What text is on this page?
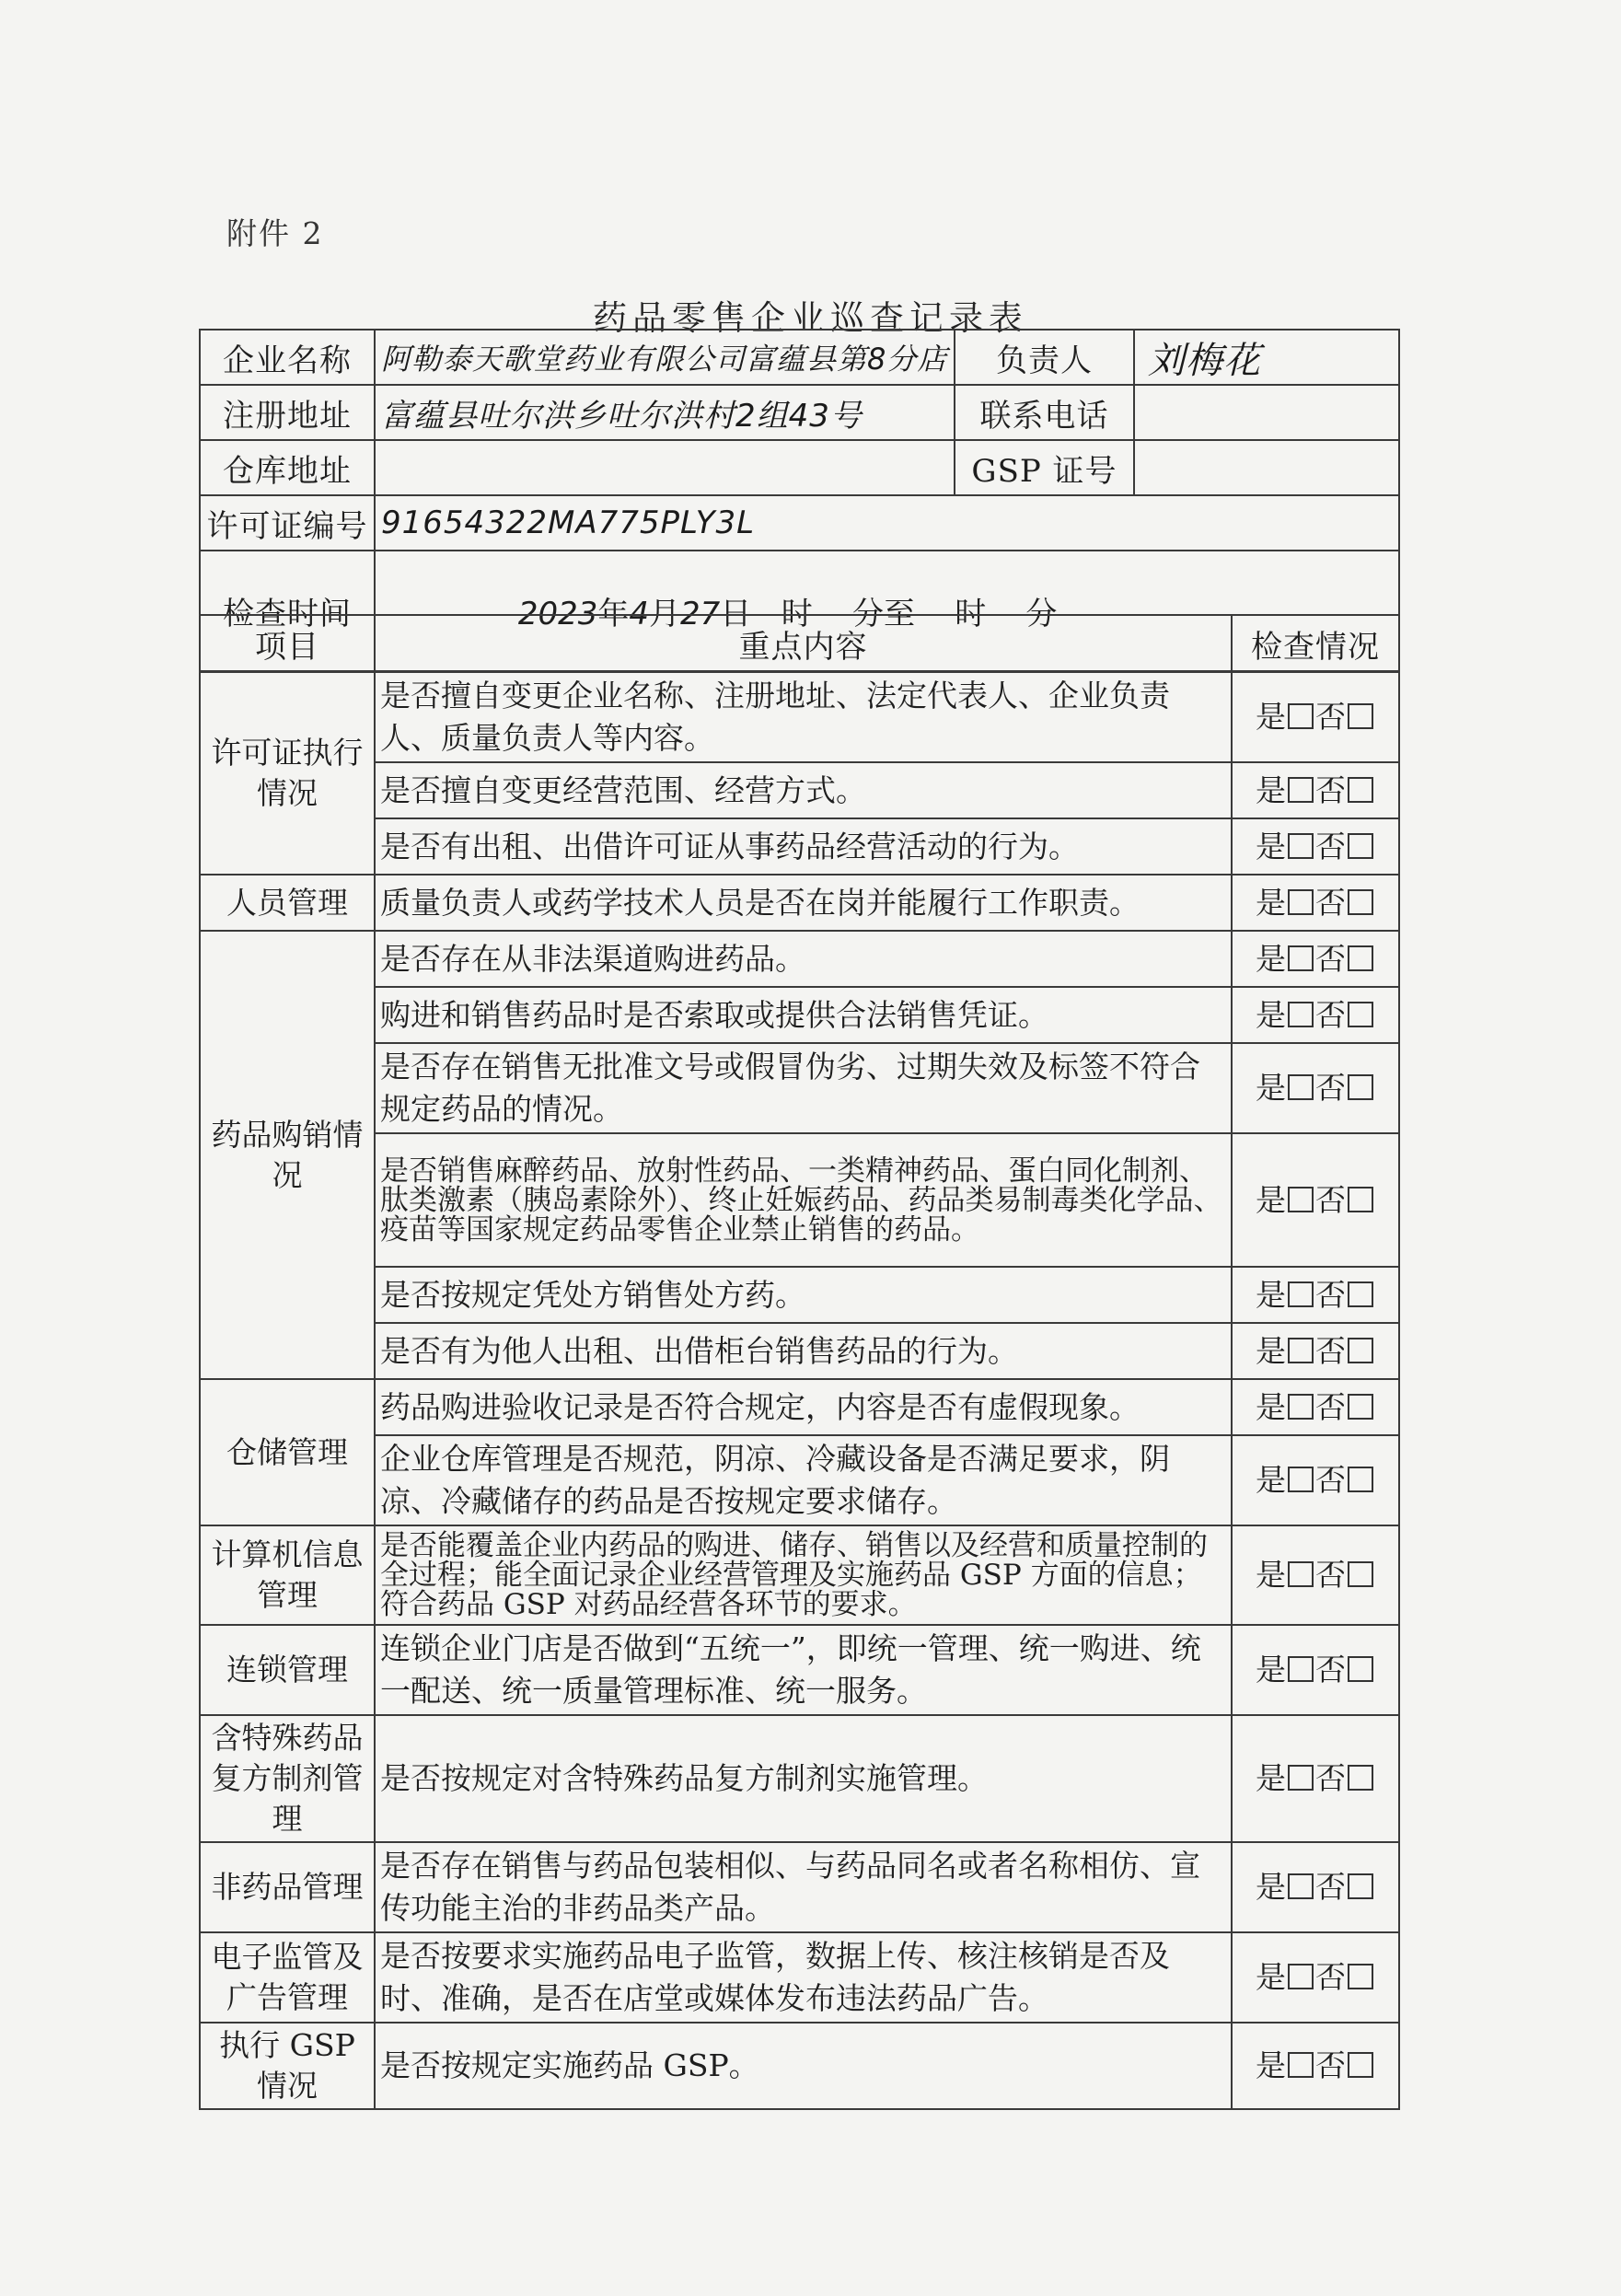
附件 2
药品零售企业巡查记录表
企业名称	阿勒泰天歌堂药业有限公司富蕴县第8分店	负责人	刘梅花
注册地址	富蕴县吐尔洪乡吐尔洪村2组43号	联系电话	
仓库地址		GSP 证号	
许可证编号	91654322MA775PLY3L		
检查时间	2023年4月27日 时    分至    时    分		

项目	重点内容	检查情况
许可证执行情况	是否擅自变更企业名称、注册地址、法定代表人、企业负责人、质量负责人等内容。	是 否
	是否擅自变更经营范围、经营方式。	是 否
	是否有出租、出借许可证从事药品经营活动的行为。	是 否
人员管理	质量负责人或药学技术人员是否在岗并能履行工作职责。	是 否
药品购销情况	是否存在从非法渠道购进药品。	是 否
	购进和销售药品时是否索取或提供合法销售凭证。	是 否
	是否存在销售无批准文号或假冒伪劣、过期失效及标签不符合规定药品的情况。	是 否
	是否销售麻醉药品、放射性药品、一类精神药品、蛋白同化制剂、肽类激素（胰岛素除外）、终止妊娠药品、药品类易制毒类化学品、疫苗等国家规定药品零售企业禁止销售的药品。	是 否
	是否按规定凭处方销售处方药。	是 否
	是否有为他人出租、出借柜台销售药品的行为。	是 否
仓储管理	药品购进验收记录是否符合规定，内容是否有虚假现象。	是 否
	企业仓库管理是否规范，阴凉、冷藏设备是否满足要求，阴凉、冷藏储存的药品是否按规定要求储存。	是 否
计算机信息管理	是否能覆盖企业内药品的购进、储存、销售以及经营和质量控制的全过程；能全面记录企业经营管理及实施药品 GSP 方面的信息；符合药品 GSP 对药品经营各环节的要求。	是 否
连锁管理	连锁企业门店是否做到“五统一”，即统一管理、统一购进、统一配送、统一质量管理标准、统一服务。	是 否
含特殊药品复方制剂管理	是否按规定对含特殊药品复方制剂实施管理。	是 否
非药品管理	是否存在销售与药品包装相似、与药品同名或者名称相仿、宣传功能主治的非药品类产品。	是 否
电子监管及广告管理	是否按要求实施药品电子监管，数据上传、核注核销是否及时、准确，是否在店堂或媒体发布违法药品广告。	是 否
执行 GSP 情况	是否按规定实施药品 GSP。	是 否
